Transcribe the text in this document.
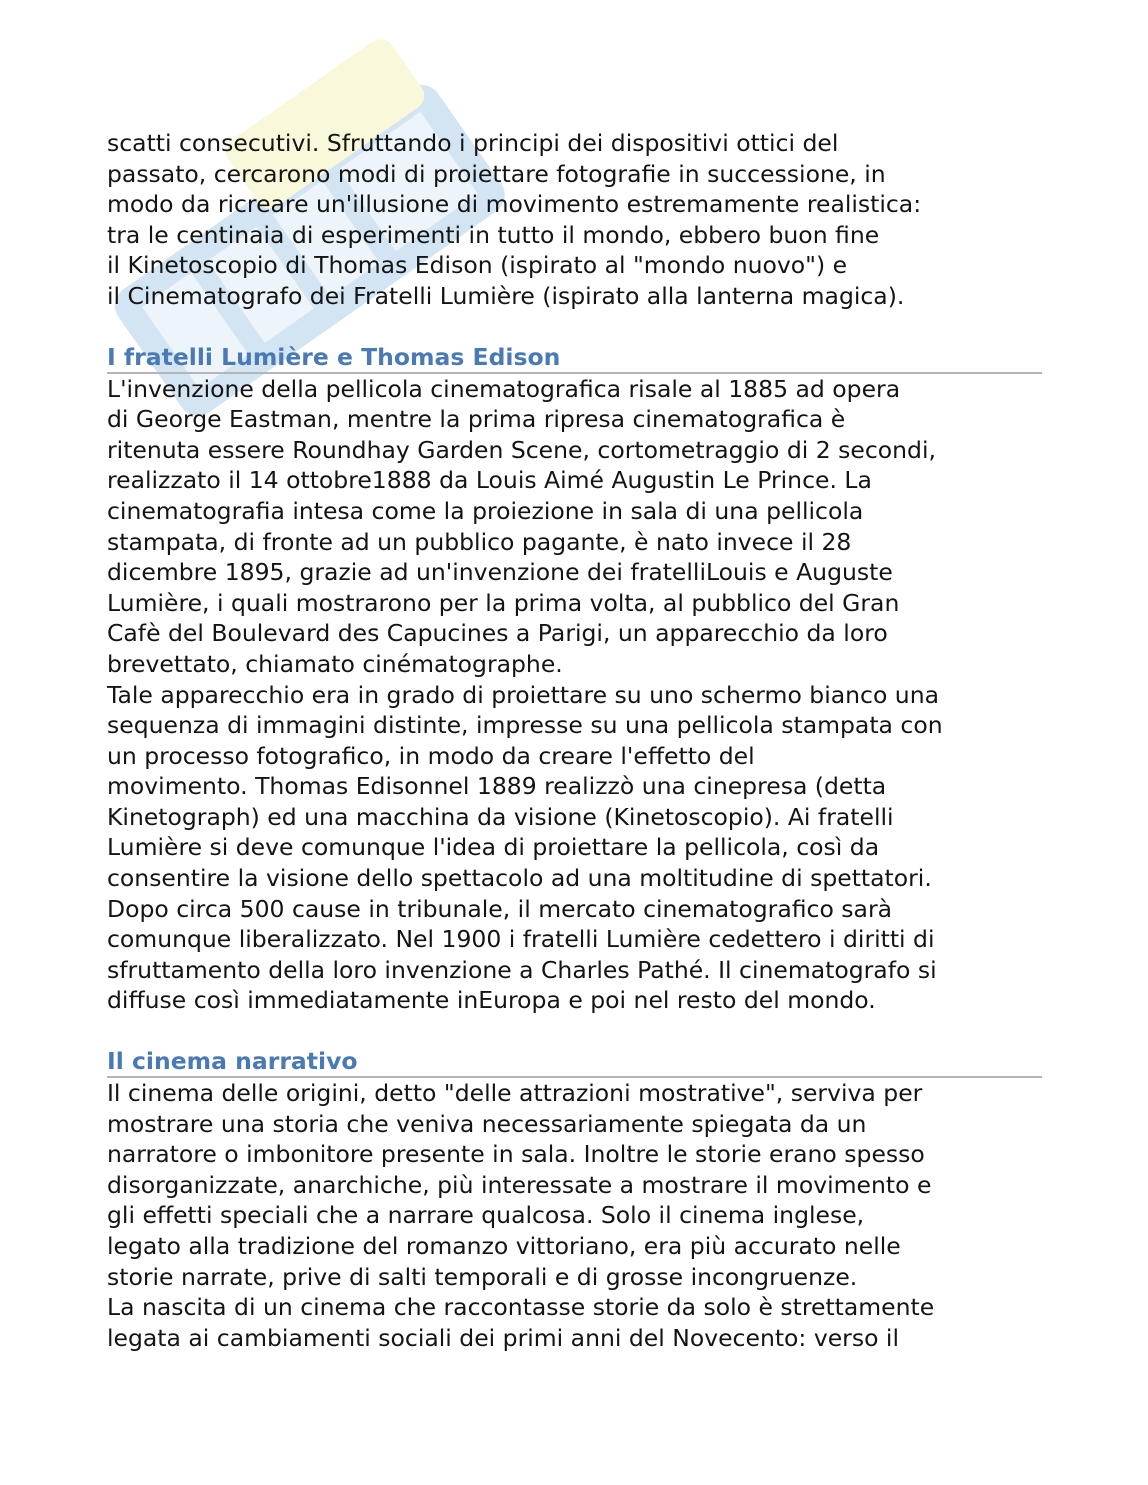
scatti consecutivi. Sfruttando i principi dei dispositivi ottici del
passato, cercarono modi di proiettare fotografie in successione, in
modo da ricreare un'illusione di movimento estremamente realistica:
tra le centinaia di esperimenti in tutto il mondo, ebbero buon fine
il Kinetoscopio di Thomas Edison (ispirato al "mondo nuovo") e
il Cinematografo dei Fratelli Lumière (ispirato alla lanterna magica).

I fratelli Lumière e Thomas Edison

L'invenzione della pellicola cinematografica risale al 1885 ad opera
di George Eastman, mentre la prima ripresa cinematografica è
ritenuta essere Roundhay Garden Scene, cortometraggio di 2 secondi,
realizzato il 14 ottobre1888 da Louis Aimé Augustin Le Prince. La
cinematografia intesa come la proiezione in sala di una pellicola
stampata, di fronte ad un pubblico pagante, è nato invece il 28
dicembre 1895, grazie ad un'invenzione dei fratelliLouis e Auguste
Lumière, i quali mostrarono per la prima volta, al pubblico del Gran
Cafè del Boulevard des Capucines a Parigi, un apparecchio da loro
brevettato, chiamato cinématographe.

Tale apparecchio era in grado di proiettare su uno schermo bianco una
sequenza di immagini distinte, impresse su una pellicola stampata con
un processo fotografico, in modo da creare l'effetto del
movimento. Thomas Edisonnel 1889 realizzò una cinepresa (detta
Kinetograph) ed una macchina da visione (Kinetoscopio). Ai fratelli
Lumière si deve comunque l'idea di proiettare la pellicola, così da
consentire la visione dello spettacolo ad una moltitudine di spettatori.
Dopo circa 500 cause in tribunale, il mercato cinematografico sarà
comunque liberalizzato. Nel 1900 i fratelli Lumière cedettero i diritti di
sfruttamento della loro invenzione a Charles Pathé. Il cinematografo si
diffuse così immediatamente inEuropa e poi nel resto del mondo.

Il cinema narrativo

Il cinema delle origini, detto "delle attrazioni mostrative", serviva per
mostrare una storia che veniva necessariamente spiegata da un
narratore o imbonitore presente in sala. Inoltre le storie erano spesso
disorganizzate, anarchiche, più interessate a mostrare il movimento e
gli effetti speciali che a narrare qualcosa. Solo il cinema inglese,
legato alla tradizione del romanzo vittoriano, era più accurato nelle
storie narrate, prive di salti temporali e di grosse incongruenze.

La nascita di un cinema che raccontasse storie da solo è strettamente
legata ai cambiamenti sociali dei primi anni del Novecento: verso il
